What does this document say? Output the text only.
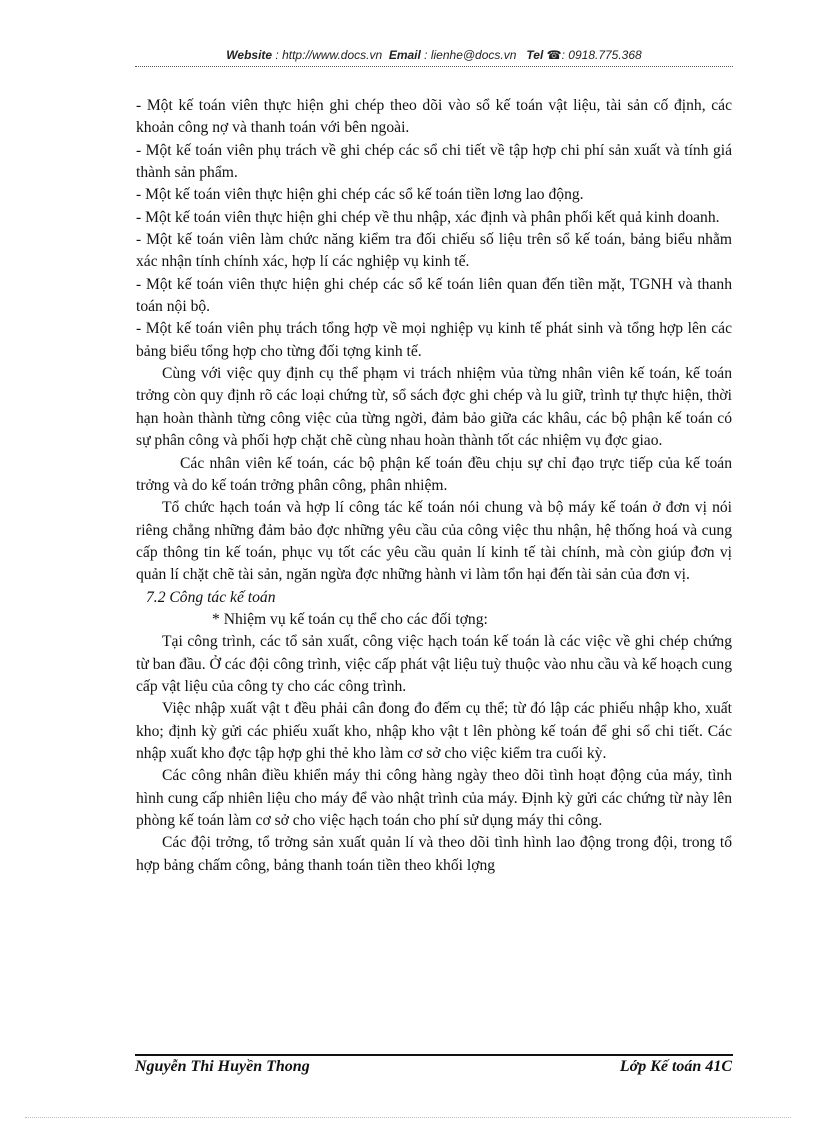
Website : http://www.docs.vn Email : lienhe@docs.vn Tel ☎: 0918.775.368

- Một kế toán viên thực hiện ghi chép theo dõi vào sổ kế toán vật liệu, tài sản cố định, các khoản công nợ và thanh toán với bên ngoài.

- Một kế toán viên phụ trách về ghi chép các sổ chi tiết về tập hợp chi phí sản xuất và tính giá thành sản phẩm.

- Một kế toán viên thực hiện ghi chép các sổ kế toán tiền lơng lao động.

- Một kế toán viên thực hiện ghi chép về thu nhập, xác định và phân phối kết quả kinh doanh.

- Một kế toán viên làm chức năng kiểm tra đối chiếu số liệu trên sổ kế toán, bảng biểu nhằm xác nhận tính chính xác, hợp lí các nghiệp vụ kinh tế.

- Một kế toán viên thực hiện ghi chép các sổ kế toán liên quan đến tiền mặt, TGNH và thanh toán nội bộ.

- Một kế toán viên phụ trách tổng hợp về mọi nghiệp vụ kinh tế phát sinh và tổng hợp lên các bảng biểu tổng hợp cho từng đối tợng kinh tế.

Cùng với việc quy định cụ thể phạm vi trách nhiệm vủa từng nhân viên kế toán, kế toán trởng còn quy định rõ các loại chứng từ, sổ sách đợc ghi chép và lu giữ, trình tự thực hiện, thời hạn hoàn thành từng công việc của từng ngời, đảm bảo giữa các khâu, các bộ phận kế toán có sự phân công và phối hợp chặt chẽ cùng nhau hoàn thành tốt các nhiệm vụ đợc giao.

Các nhân viên kế toán, các bộ phận kế toán đều chịu sự chỉ đạo trực tiếp của kế toán trởng và do kế toán trởng phân công, phân nhiệm.

Tổ chức hạch toán và hợp lí công tác kế toán nói chung và bộ máy kế toán ở đơn vị nói riêng chẳng những đảm bảo đợc những yêu cầu của công việc thu nhận, hệ thống hoá và cung cấp thông tin kế toán, phục vụ tốt các yêu cầu quản lí kinh tế tài chính, mà còn giúp đơn vị quản lí chặt chẽ tài sản, ngăn ngừa đợc những hành vi làm tổn hại đến tài sản của đơn vị.

7.2 Công tác kế toán

* Nhiệm vụ kế toán cụ thể cho các đối tợng:

Tại công trình, các tổ sản xuất, công việc hạch toán kế toán là các việc về ghi chép chứng từ ban đầu. Ở các đội công trình, việc cấp phát vật liệu tuỳ thuộc vào nhu cầu và kế hoạch cung cấp vật liệu của công ty cho các công trình.

Việc nhập xuất vật t đều phải cân đong đo đếm cụ thể; từ đó lập các phiếu nhập kho, xuất kho; định kỳ gửi các phiếu xuất kho, nhập kho vật t lên phòng kế toán để ghi sổ chi tiết. Các nhập xuất kho đợc tập hợp ghi thẻ kho làm cơ sở cho việc kiểm tra cuối kỳ.

Các công nhân điều khiển máy thi công hàng ngày theo dõi tình hoạt động của máy, tình hình cung cấp nhiên liệu cho máy để vào nhật trình của máy. Định kỳ gửi các chứng từ này lên phòng kế toán làm cơ sở cho việc hạch toán cho phí sử dụng máy thi công.

Các đội trởng, tổ trởng sản xuất quản lí và theo dõi tình hình lao động trong đội, trong tổ hợp bảng chấm công, bảng thanh toán tiền theo khối lợng

Nguyễn Thi Huyền Thong	Lớp Kế toán 41C
